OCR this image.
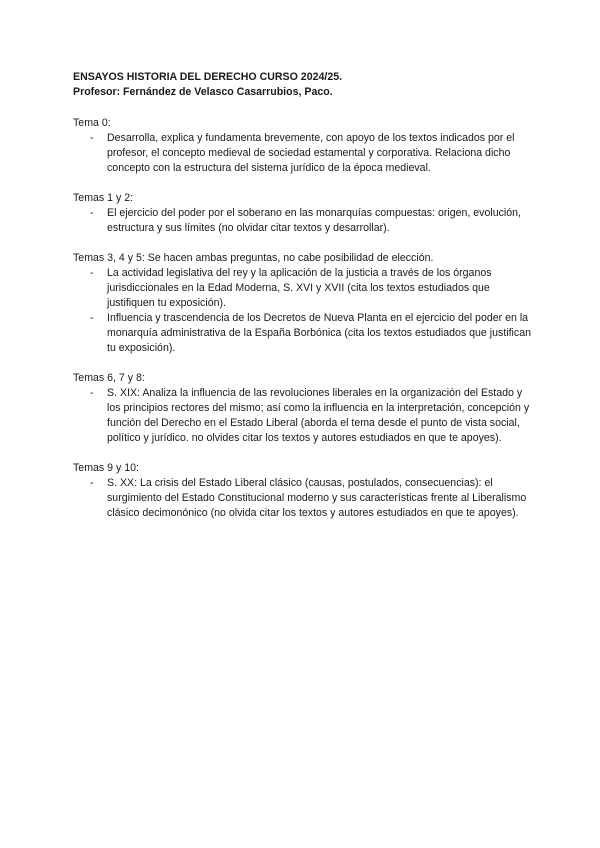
ENSAYOS HISTORIA DEL DERECHO CURSO 2024/25.

Profesor: Fernández de Velasco Casarrubios, Paco.

Tema 0:

- Desarrolla, explica y fundamenta brevemente, con apoyo de los textos indicados por el profesor, el concepto medieval de sociedad estamental y corporativa. Relaciona dicho concepto con la estructura del sistema jurídico de la época medieval.

Temas 1 y 2:

- El ejercicio del poder por el soberano en las monarquías compuestas: origen, evolución, estructura y sus límites (no olvidar citar textos y desarrollar).

Temas 3, 4 y 5: Se hacen ambas preguntas, no cabe posibilidad de elección.

- La actividad legislativa del rey y la aplicación de la justicia a través de los órganos jurisdiccionales en la Edad Moderna, S. XVI y XVII (cita los textos estudiados que justifiquen tu exposición).
- Influencia y trascendencia de los Decretos de Nueva Planta en el ejercicio del poder en la monarquía administrativa de la España Borbónica (cita los textos estudiados que justifican tu exposición).

Temas 6, 7 y 8:

- S. XIX: Analiza la influencia de las revoluciones liberales en la organización del Estado y los principios rectores del mismo; así como la influencia en la interpretación, concepción y función del Derecho en el Estado Liberal (aborda el tema desde el punto de vista social, político y jurídico. no olvides citar los textos y autores estudiados en que te apoyes).

Temas 9 y 10:

- S. XX: La crisis del Estado Liberal clásico (causas, postulados, consecuencias): el surgimiento del Estado Constitucional moderno y sus características frente al Liberalismo clásico decimonónico (no olvida citar los textos y autores estudiados en que te apoyes).
